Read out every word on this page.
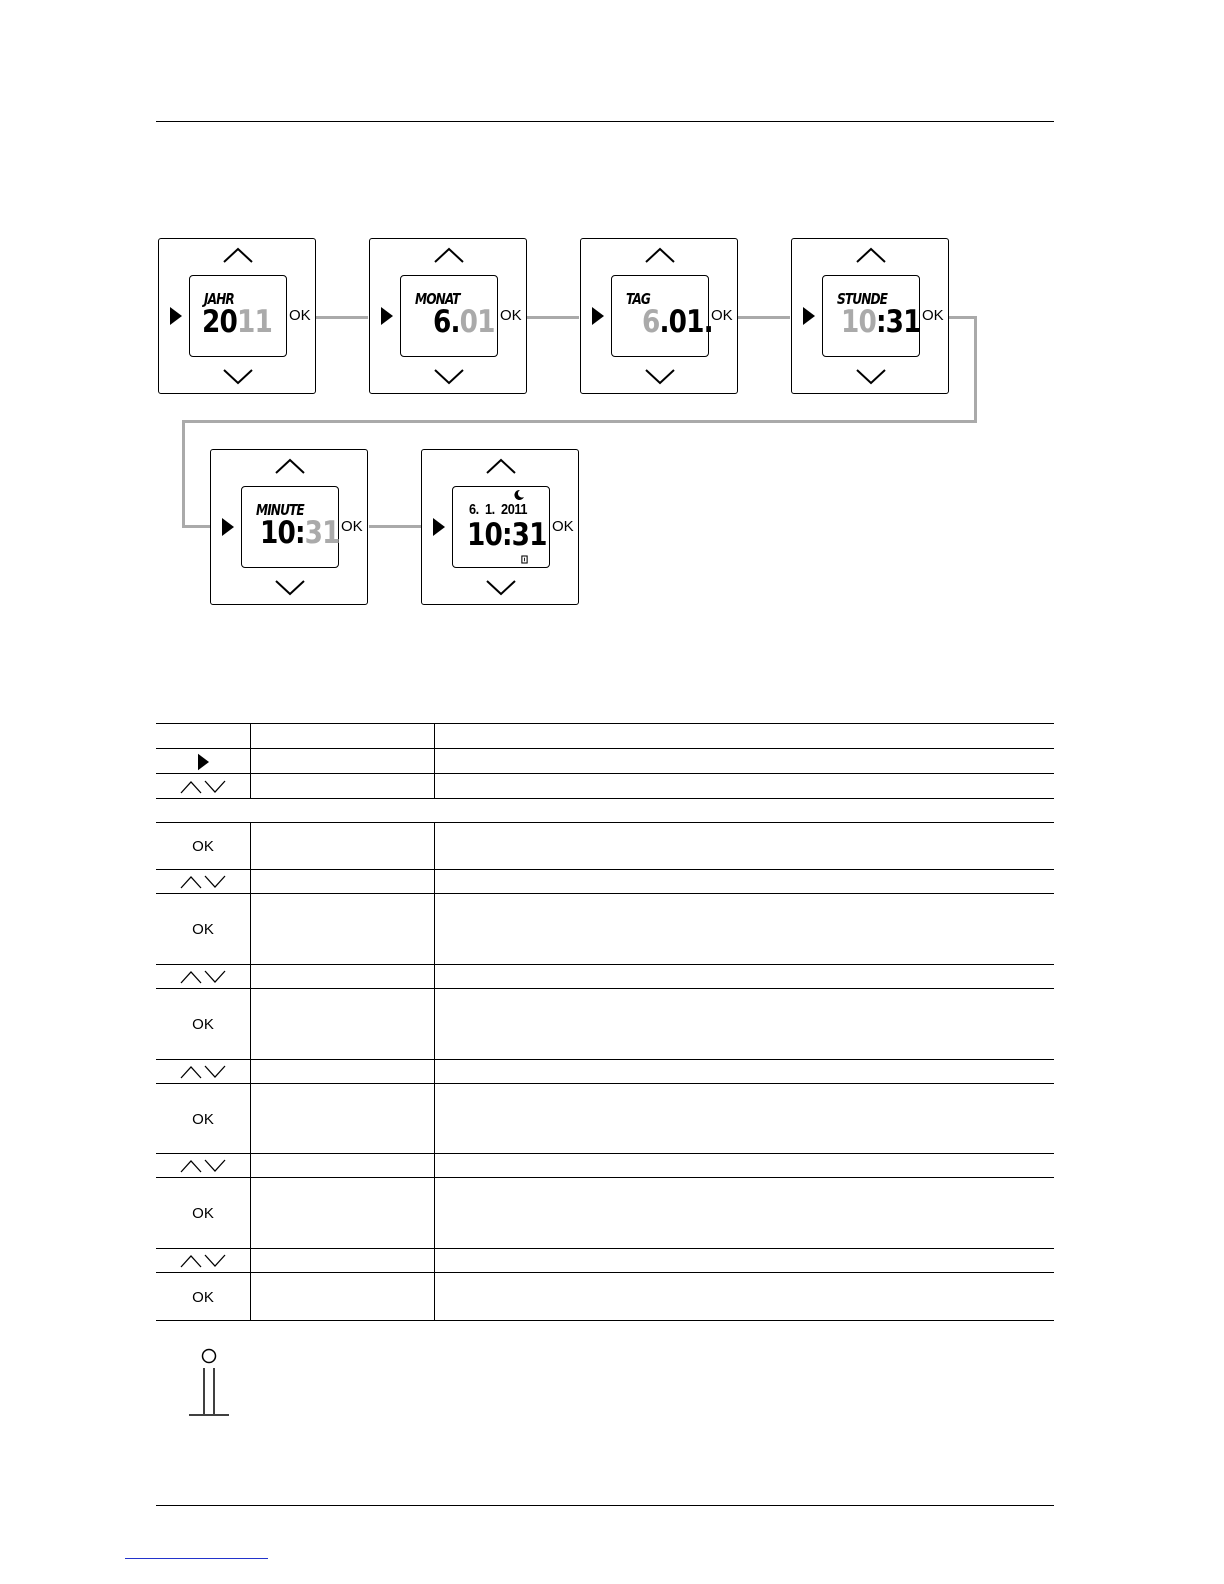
JAHR
2011 OK
MONAT
6.01 OK
TAG
6.01.
OK
STUNDE
10:31 OK
MINUTE
10:31 OK
6.  1.  2011
10:31 OK
OK
OK
OK
OK
OK
OK
